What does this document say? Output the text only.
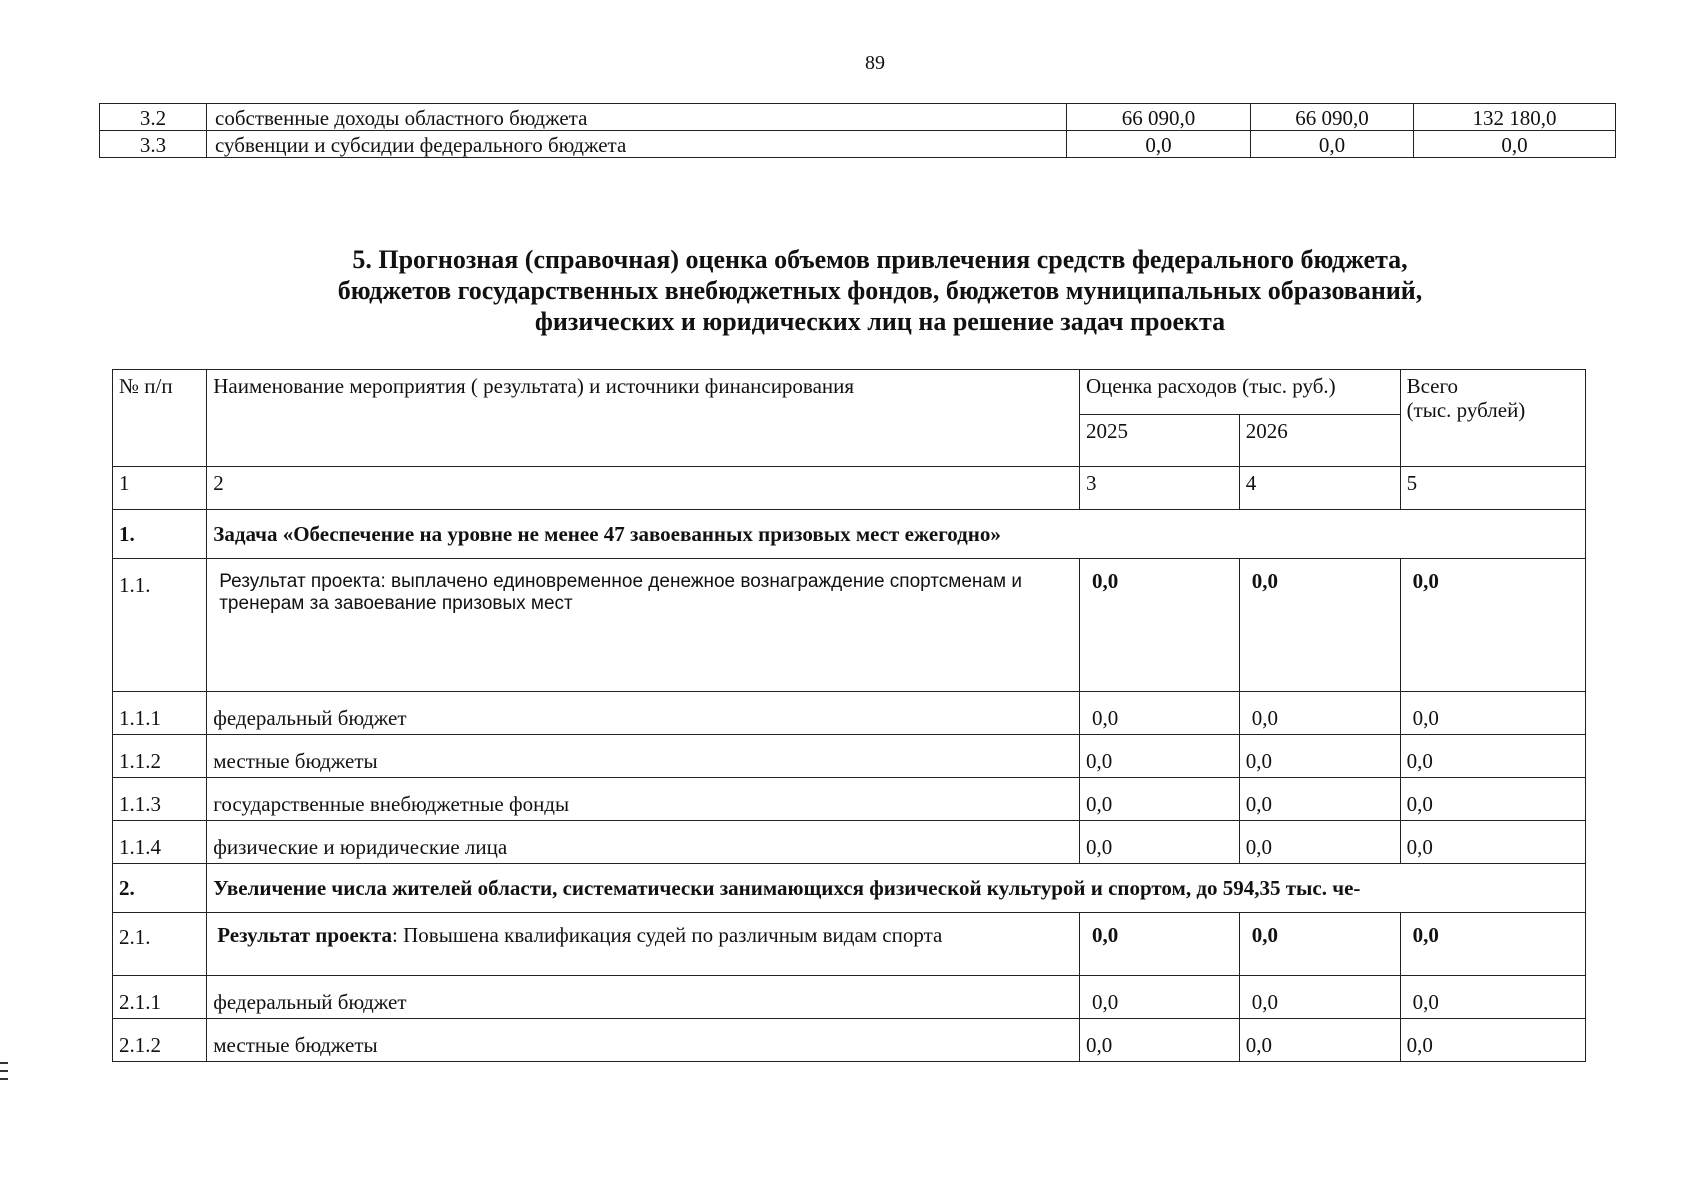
89
3.2	собственные доходы областного бюджета	66 090,0	66 090,0	132 180,0
3.3	субвенции и субсидии федерального бюджета	0,0	0,0	0,0
5. Прогнозная (справочная) оценка объемов привлечения средств федерального бюджета,
бюджетов государственных внебюджетных фондов, бюджетов муниципальных образований,
физических и юридических лиц на решение задач проекта
№ п/п	Наименование мероприятия ( результата) и источники финансирования	Оценка расходов (тыс. руб.)		Всего
(тыс. рублей)

		2025	2026	
1	2	3	4	5
1.	Задача «Обеспечение на уровне не менее 47 завоеванных призовых мест ежегодно»			
1.1.	Результат проекта: выплачено единовременное денежное вознаграждение спортсменам и тренерам за завоевание призовых мест	0,0	0,0	0,0
1.1.1	федеральный бюджет	0,0	0,0	0,0
1.1.2	местные бюджеты	0,0	0,0	0,0
1.1.3	государственные внебюджетные фонды	0,0	0,0	0,0
1.1.4	физические и юридические лица	0,0	0,0	0,0
2.	Увеличение числа жителей области, систематически занимающихся физической культурой и спортом, до 594,35 тыс. че-			
2.1.	Результат проекта: Повышена квалификация судей по различным видам спорта	0,0	0,0	0,0
2.1.1	федеральный бюджет	0,0	0,0	0,0
2.1.2	местные бюджеты	0,0	0,0	0,0
